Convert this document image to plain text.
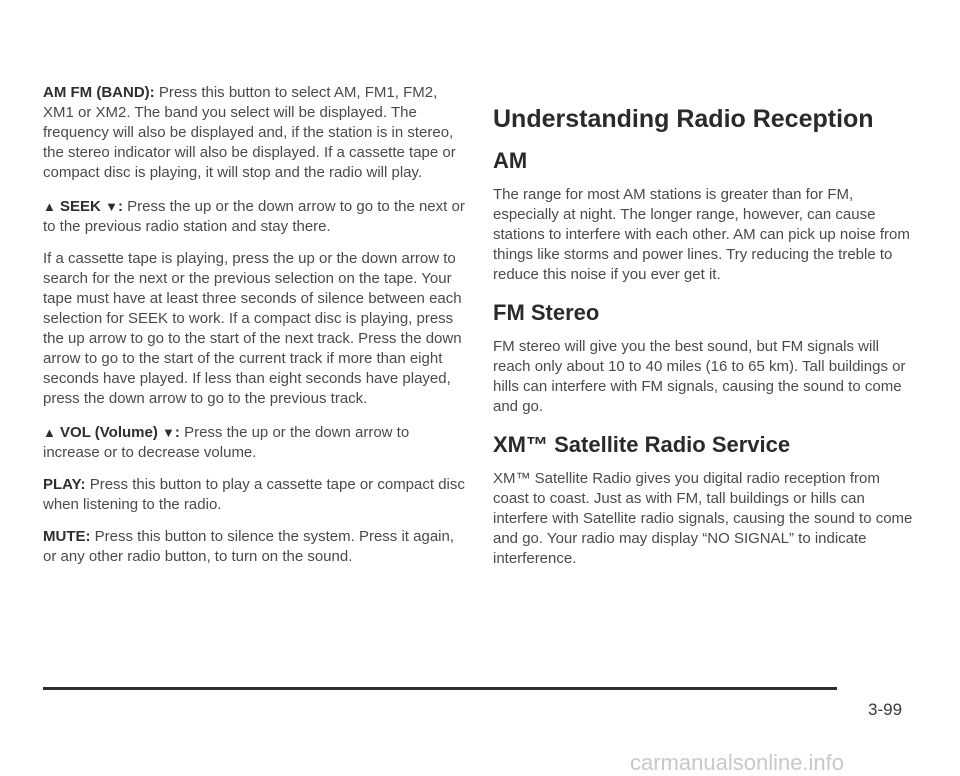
AM FM (BAND): Press this button to select AM, FM1, FM2, XM1 or XM2. The band you select will be displayed. The frequency will also be displayed and, if the station is in stereo, the stereo indicator will also be displayed. If a cassette tape or compact disc is playing, it will stop and the radio will play.

▲ SEEK ▼: Press the up or the down arrow to go to the next or to the previous radio station and stay there.

If a cassette tape is playing, press the up or the down arrow to search for the next or the previous selection on the tape. Your tape must have at least three seconds of silence between each selection for SEEK to work. If a compact disc is playing, press the up arrow to go to the start of the next track. Press the down arrow to go to the start of the current track if more than eight seconds have played. If less than eight seconds have played, press the down arrow to go to the previous track.

▲ VOL (Volume) ▼: Press the up or the down arrow to increase or to decrease volume.

PLAY: Press this button to play a cassette tape or compact disc when listening to the radio.

MUTE: Press this button to silence the system. Press it again, or any other radio button, to turn on the sound.

Understanding Radio Reception
AM

The range for most AM stations is greater than for FM, especially at night. The longer range, however, can cause stations to interfere with each other. AM can pick up noise from things like storms and power lines. Try reducing the treble to reduce this noise if you ever get it.

FM Stereo

FM stereo will give you the best sound, but FM signals will reach only about 10 to 40 miles (16 to 65 km). Tall buildings or hills can interfere with FM signals, causing the sound to come and go.

XM™ Satellite Radio Service

XM™ Satellite Radio gives you digital radio reception from coast to coast. Just as with FM, tall buildings or hills can interfere with Satellite radio signals, causing the sound to come and go. Your radio may display “NO SIGNAL” to indicate interference.

3-99
carmanualsonline.info
